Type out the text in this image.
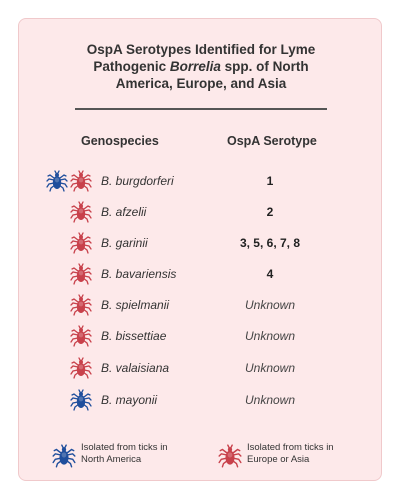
OspA Serotypes Identified for Lyme
Pathogenic Borrelia spp. of North
America, Europe, and Asia
Genospecies	OspA Serotype
B. burgdorferi	1
B. afzelii	2
B. garinii	3, 5, 6, 7, 8
B. bavariensis	4
B. spielmanii	Unknown
B. bissettiae	Unknown
B. valaisiana	Unknown
B. mayonii	Unknown
Isolated from ticks in
North America
Isolated from ticks in
Europe or Asia
